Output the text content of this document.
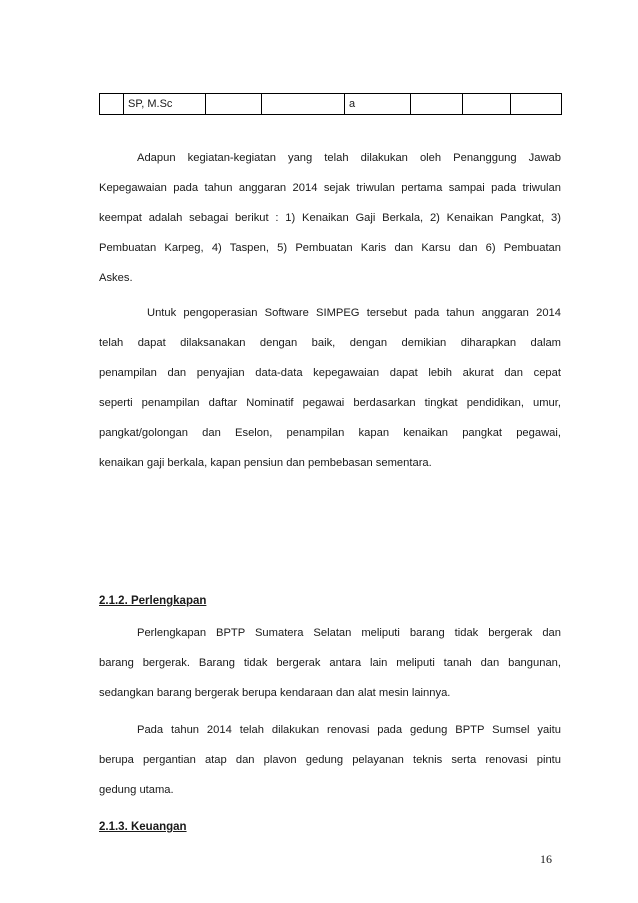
	SP, M.Sc			a			
Adapun kegiatan-kegiatan yang telah dilakukan oleh Penanggung Jawab
Kepegawaian pada tahun anggaran 2014 sejak triwulan pertama sampai pada triwulan
keempat adalah sebagai berikut : 1) Kenaikan Gaji Berkala, 2) Kenaikan Pangkat, 3)
Pembuatan Karpeg, 4) Taspen, 5) Pembuatan Karis dan Karsu dan 6) Pembuatan
Askes.
Untuk pengoperasian Software SIMPEG tersebut pada tahun anggaran 2014
telah dapat dilaksanakan dengan baik, dengan demikian diharapkan dalam
penampilan dan penyajian data-data kepegawaian dapat lebih akurat dan cepat
seperti penampilan daftar Nominatif pegawai berdasarkan tingkat pendidikan, umur,
pangkat/golongan dan Eselon, penampilan kapan kenaikan pangkat pegawai,
kenaikan gaji berkala, kapan pensiun dan pembebasan sementara.
2.1.2. Perlengkapan
Perlengkapan BPTP Sumatera Selatan meliputi barang tidak bergerak dan
barang bergerak. Barang tidak bergerak antara lain meliputi tanah dan bangunan,
sedangkan barang bergerak berupa kendaraan dan alat mesin lainnya.
Pada tahun 2014 telah dilakukan renovasi pada gedung BPTP Sumsel yaitu
berupa pergantian atap dan plavon gedung pelayanan teknis serta renovasi pintu
gedung utama.
2.1.3. Keuangan
16
